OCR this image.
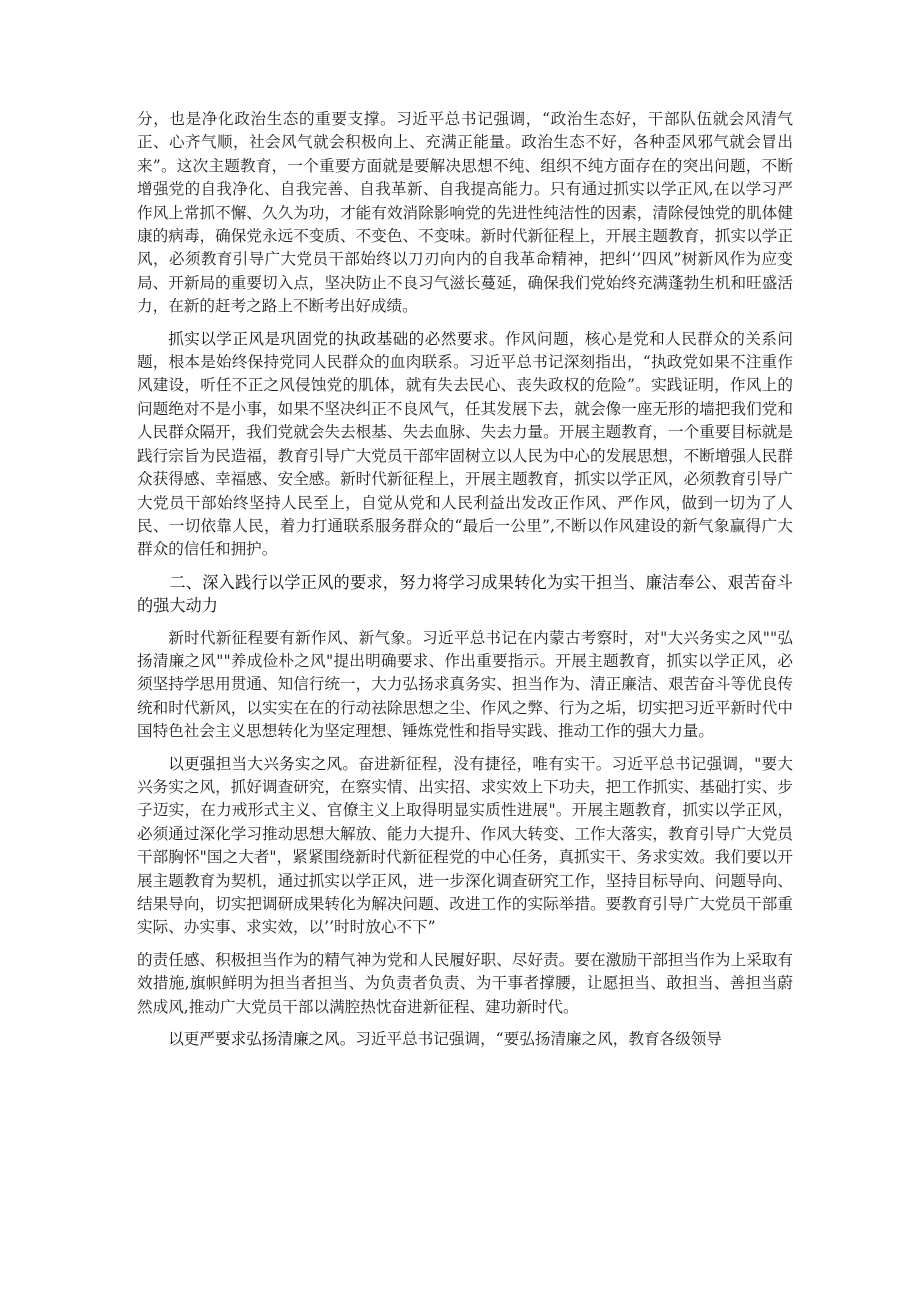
分，也是净化政治生态的重要支撑。习近平总书记强调，“政治生态好，干部队伍就会风清气正、心齐气顺，社会风气就会积极向上、充满正能量。政治生态不好，各种歪风邪气就会冒出来”。这次主题教育，一个重要方面就是要解决思想不纯、组织不纯方面存在的突出问题，不断增强党的自我净化、自我完善、自我革新、自我提高能力。只有通过抓实以学正风,在以学习严作风上常抓不懈、久久为功，才能有效消除影响党的先进性纯洁性的因素，清除侵蚀党的肌体健康的病毒，确保党永远不变质、不变色、不变味。新时代新征程上，开展主题教育，抓实以学正风，必须教育引导广大党员干部始终以刀刃向内的自我革命精神，把纠‘’四风”树新风作为应变局、开新局的重要切入点，坚决防止不良习气滋长蔓延，确保我们党始终充满蓬勃生机和旺盛活力，在新的赶考之路上不断考出好成绩。

抓实以学正风是巩固党的执政基础的必然要求。作风问题，核心是党和人民群众的关系问题，根本是始终保持党同人民群众的血肉联系。习近平总书记深刻指出，“执政党如果不注重作风建设，听任不正之风侵蚀党的肌体，就有失去民心、丧失政权的危险”。实践证明，作风上的问题绝对不是小事，如果不坚决纠正不良风气，任其发展下去，就会像一座无形的墙把我们党和人民群众隔开，我们党就会失去根基、失去血脉、失去力量。开展主题教育，一个重要目标就是践行宗旨为民造福，教育引导广大党员干部牢固树立以人民为中心的发展思想，不断增强人民群众获得感、幸福感、安全感。新时代新征程上，开展主题教育，抓实以学正风，必须教育引导广大党员干部始终坚持人民至上，自觉从党和人民利益出发改正作风、严作风，做到一切为了人民、一切依靠人民，着力打通联系服务群众的“最后一公里”,不断以作风建设的新气象赢得广大群众的信任和拥护。

二、深入践行以学正风的要求，努力将学习成果转化为实干担当、廉洁奉公、艰苦奋斗的强大动力

新时代新征程要有新作风、新气象。习近平总书记在内蒙古考察时，对"大兴务实之风""弘扬清廉之风""养成俭朴之风"提出明确要求、作出重要指示。开展主题教育，抓实以学正风，必须坚持学思用贯通、知信行统一，大力弘扬求真务实、担当作为、清正廉洁、艰苦奋斗等优良传统和时代新风，以实实在在的行动祛除思想之尘、作风之弊、行为之垢，切实把习近平新时代中国特色社会主义思想转化为坚定理想、锤炼党性和指导实践、推动工作的强大力量。

以更强担当大兴务实之风。奋进新征程，没有捷径，唯有实干。习近平总书记强调，"要大兴务实之风，抓好调查研究，在察实情、出实招、求实效上下功夫，把工作抓实、基础打实、步子迈实，在力戒形式主义、官僚主义上取得明显实质性进展"。开展主题教育，抓实以学正风，必须通过深化学习推动思想大解放、能力大提升、作风大转变、工作大落实，教育引导广大党员干部胸怀"国之大者"，紧紧围绕新时代新征程党的中心任务，真抓实干、务求实效。我们要以开展主题教育为契机，通过抓实以学正风，进一步深化调查研究工作，坚持目标导向、问题导向、结果导向，切实把调研成果转化为解决问题、改进工作的实际举措。要教育引导广大党员干部重实际、办实事、求实效，以’’时时放心不下”

的责任感、积极担当作为的精气神为党和人民履好职、尽好责。要在激励干部担当作为上采取有效措施,旗帜鲜明为担当者担当、为负责者负责、为干事者撑腰，让愿担当、敢担当、善担当蔚然成风,推动广大党员干部以满腔热忱奋进新征程、建功新时代。

以更严要求弘扬清廉之风。习近平总书记强调，“要弘扬清廉之风，教育各级领导
